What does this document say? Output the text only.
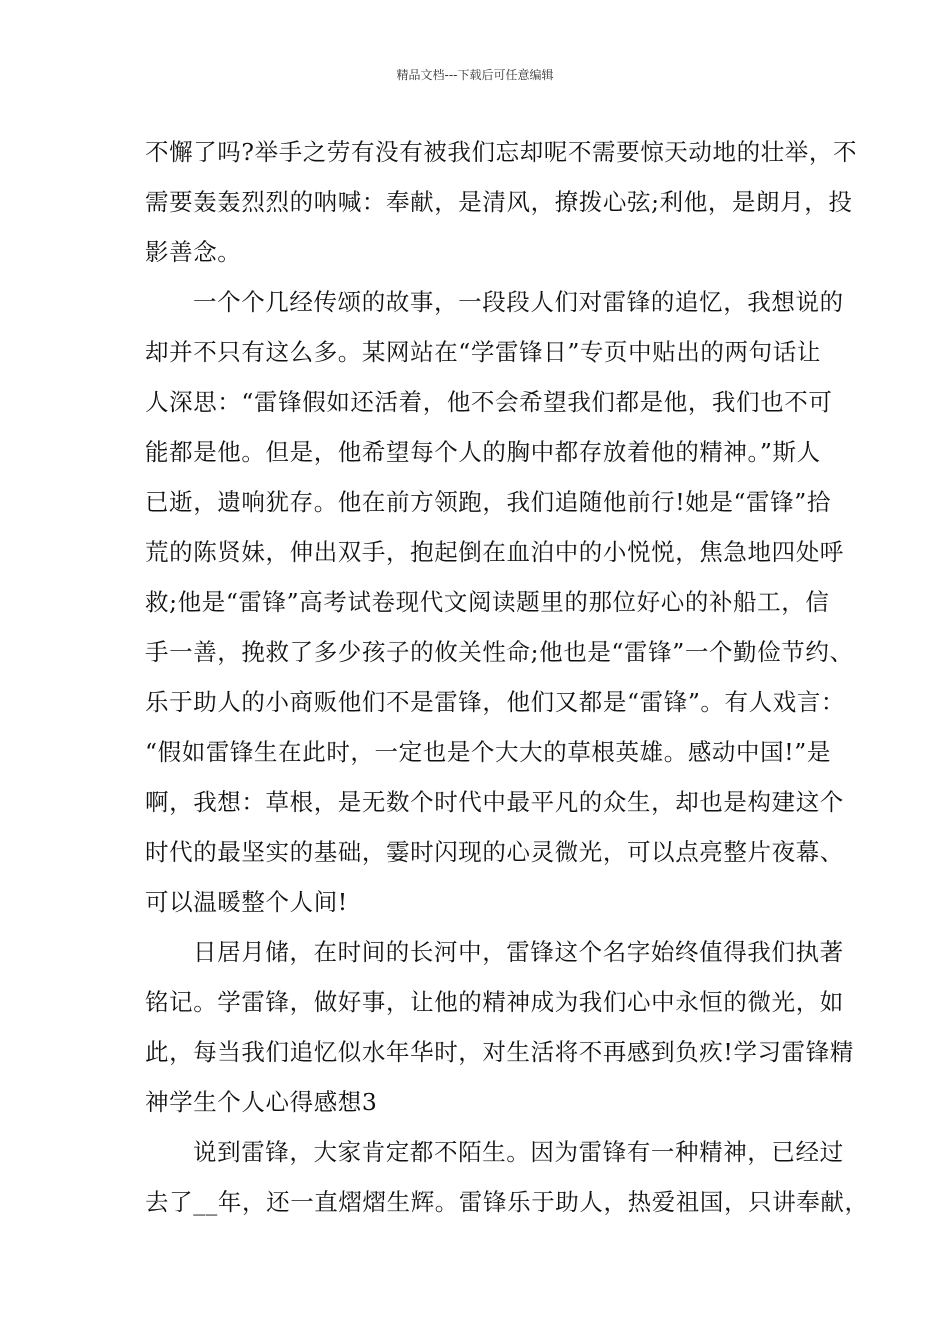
精品文档---下载后可任意编辑
不懈了吗?举手之劳有没有被我们忘却呢不需要惊天动地的壮举，不
需要轰轰烈烈的呐喊：奉献，是清风，撩拨心弦;利他，是朗月，投
影善念。
一个个几经传颂的故事，一段段人们对雷锋的追忆，我想说的
却并不只有这么多。某网站在“学雷锋日”专页中贴出的两句话让
人深思：“雷锋假如还活着，他不会希望我们都是他，我们也不可
能都是他。但是，他希望每个人的胸中都存放着他的精神。”斯人
已逝，遗响犹存。他在前方领跑，我们追随他前行!她是“雷锋”拾
荒的陈贤妹，伸出双手，抱起倒在血泊中的小悦悦，焦急地四处呼
救;他是“雷锋”高考试卷现代文阅读题里的那位好心的补船工，信
手一善，挽救了多少孩子的攸关性命;他也是“雷锋”一个勤俭节约、
乐于助人的小商贩他们不是雷锋，他们又都是“雷锋”。有人戏言：
“假如雷锋生在此时，一定也是个大大的草根英雄。感动中国!”是
啊，我想：草根，是无数个时代中最平凡的众生，却也是构建这个
时代的最坚实的基础，霎时闪现的心灵微光，可以点亮整片夜幕、
可以温暖整个人间!
日居月储，在时间的长河中，雷锋这个名字始终值得我们执著
铭记。学雷锋，做好事，让他的精神成为我们心中永恒的微光，如
此，每当我们追忆似水年华时，对生活将不再感到负疚!学习雷锋精
神学生个人心得感想3
说到雷锋，大家肯定都不陌生。因为雷锋有一种精神，已经过
去了__年，还一直熠熠生辉。雷锋乐于助人，热爱祖国，只讲奉献，
